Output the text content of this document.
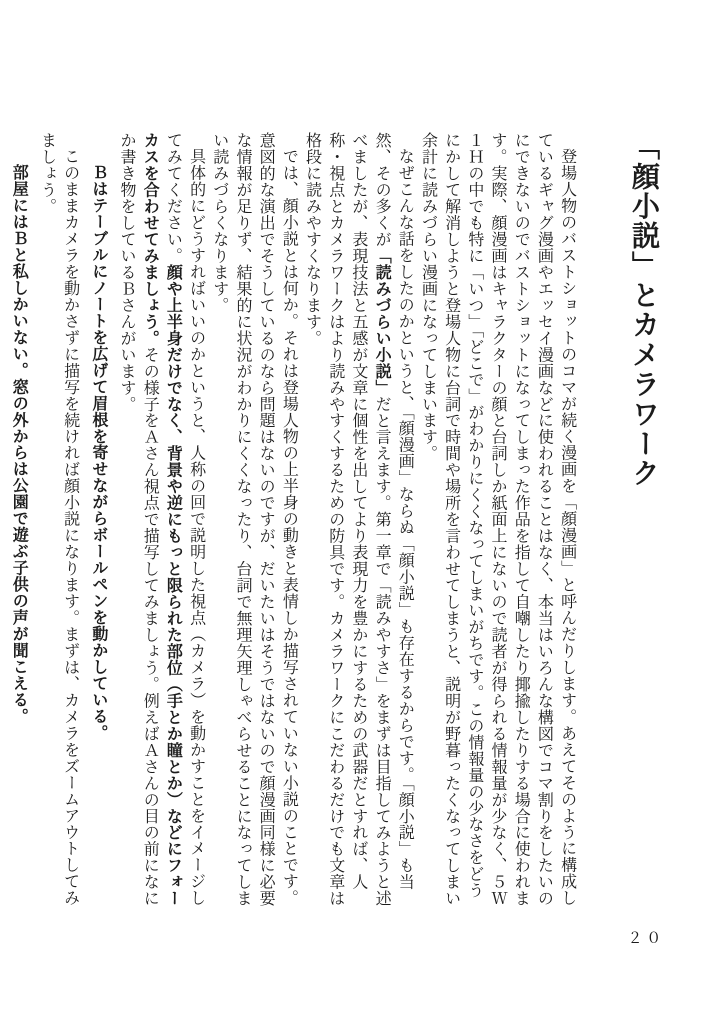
「顔小説」とカメラワーク

登場人物のバストショットのコマが続く漫画を「顔漫画」と呼んだりします。あえてそのように構成しているギャグ漫画やエッセイ漫画などに使われることはなく、本当はいろんな構図でコマ割りをしたいのにできないのでバストショットになってしまった作品を指して自嘲したり揶揄したりする場合に使われます。実際、顔漫画はキャラクターの顔と台詞しか紙面上にないので読者が得られる情報量が少なく、５Ｗ１Ｈの中でも特に「いつ」「どこで」がわかりにくくなってしまいがちです。この情報量の少なさをどうにかして解消しようと登場人物に台詞で時間や場所を言わせてしまうと、説明が野暮ったくなってしまい余計に読みづらい漫画になってしまいます。

なぜこんな話をしたのかというと、「顔漫画」ならぬ「顔小説」も存在するからです。「顔小説」も当然、その多くが「読みづらい小説」だと言えます。第一章で「読みやすさ」をまずは目指してみようと述べましたが、表現技法と五感が文章に個性を出してより表現力を豊かにするための武器だとすれば、人称・視点とカメラワークはより読みやすくするための防具です。カメラワークにこだわるだけでも文章は格段に読みやすくなります。

では、顔小説とは何か。それは登場人物の上半身の動きと表情しか描写されていない小説のことです。意図的な演出でそうしているのなら問題はないのですが、だいたいはそうではないので顔漫画同様に必要な情報が足りず、結果的に状況がわかりにくくなったり、台詞で無理矢理しゃべらせることになってしまい読みづらくなります。

具体的にどうすればいいのかというと、人称の回で説明した視点（カメラ）を動かすことをイメージしてみてください。顔や上半身だけでなく、背景や逆にもっと限られた部位（手とか瞳とか）などにフォーカスを合わせてみましょう。その様子をＡさん視点で描写してみましょう。例えばＡさんの目の前になにか書き物をしているＢさんがいます。

Ｂはテーブルにノートを広げて眉根を寄せながらボールペンを動かしている。

このままカメラを動かさずに描写を続ければ顔小説になります。まずは、カメラをズームアウトしてみましょう。

部屋にはＢと私しかいない。窓の外からは公園で遊ぶ子供の声が聞こえる。

２０
